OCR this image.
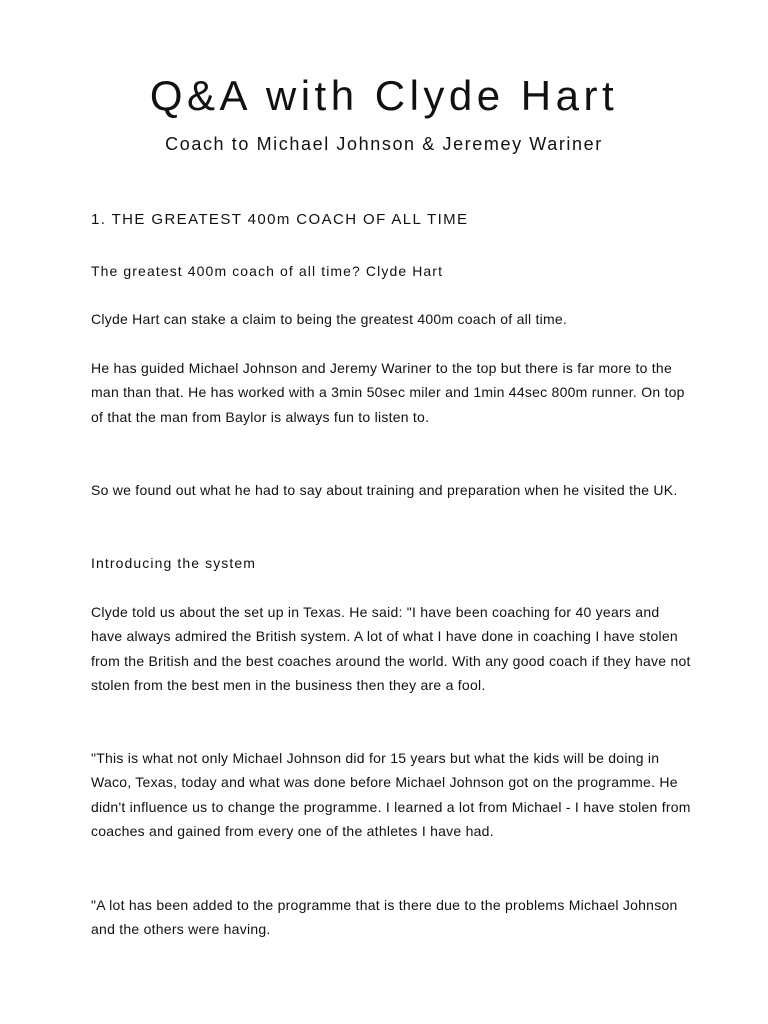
Q&A with Clyde Hart

Coach to Michael Johnson & Jeremey Wariner

1. THE GREATEST 400m COACH OF ALL TIME

The greatest 400m coach of all time? Clyde Hart

Clyde Hart can stake a claim to being the greatest 400m coach of all time.

He has guided Michael Johnson and Jeremy Wariner to the top but there is far more to the man than that. He has worked with a 3min 50sec miler and 1min 44sec 800m runner. On top of that the man from Baylor is always fun to listen to.

So we found out what he had to say about training and preparation when he visited the UK.

Introducing the system

Clyde told us about the set up in Texas. He said: "I have been coaching for 40 years and have always admired the British system. A lot of what I have done in coaching I have stolen from the British and the best coaches around the world. With any good coach if they have not stolen from the best men in the business then they are a fool.

"This is what not only Michael Johnson did for 15 years but what the kids will be doing in Waco, Texas, today and what was done before Michael Johnson got on the programme. He didn't influence us to change the programme. I learned a lot from Michael - I have stolen from coaches and gained from every one of the athletes I have had.

"A lot has been added to the programme that is there due to the problems Michael Johnson and the others were having.
